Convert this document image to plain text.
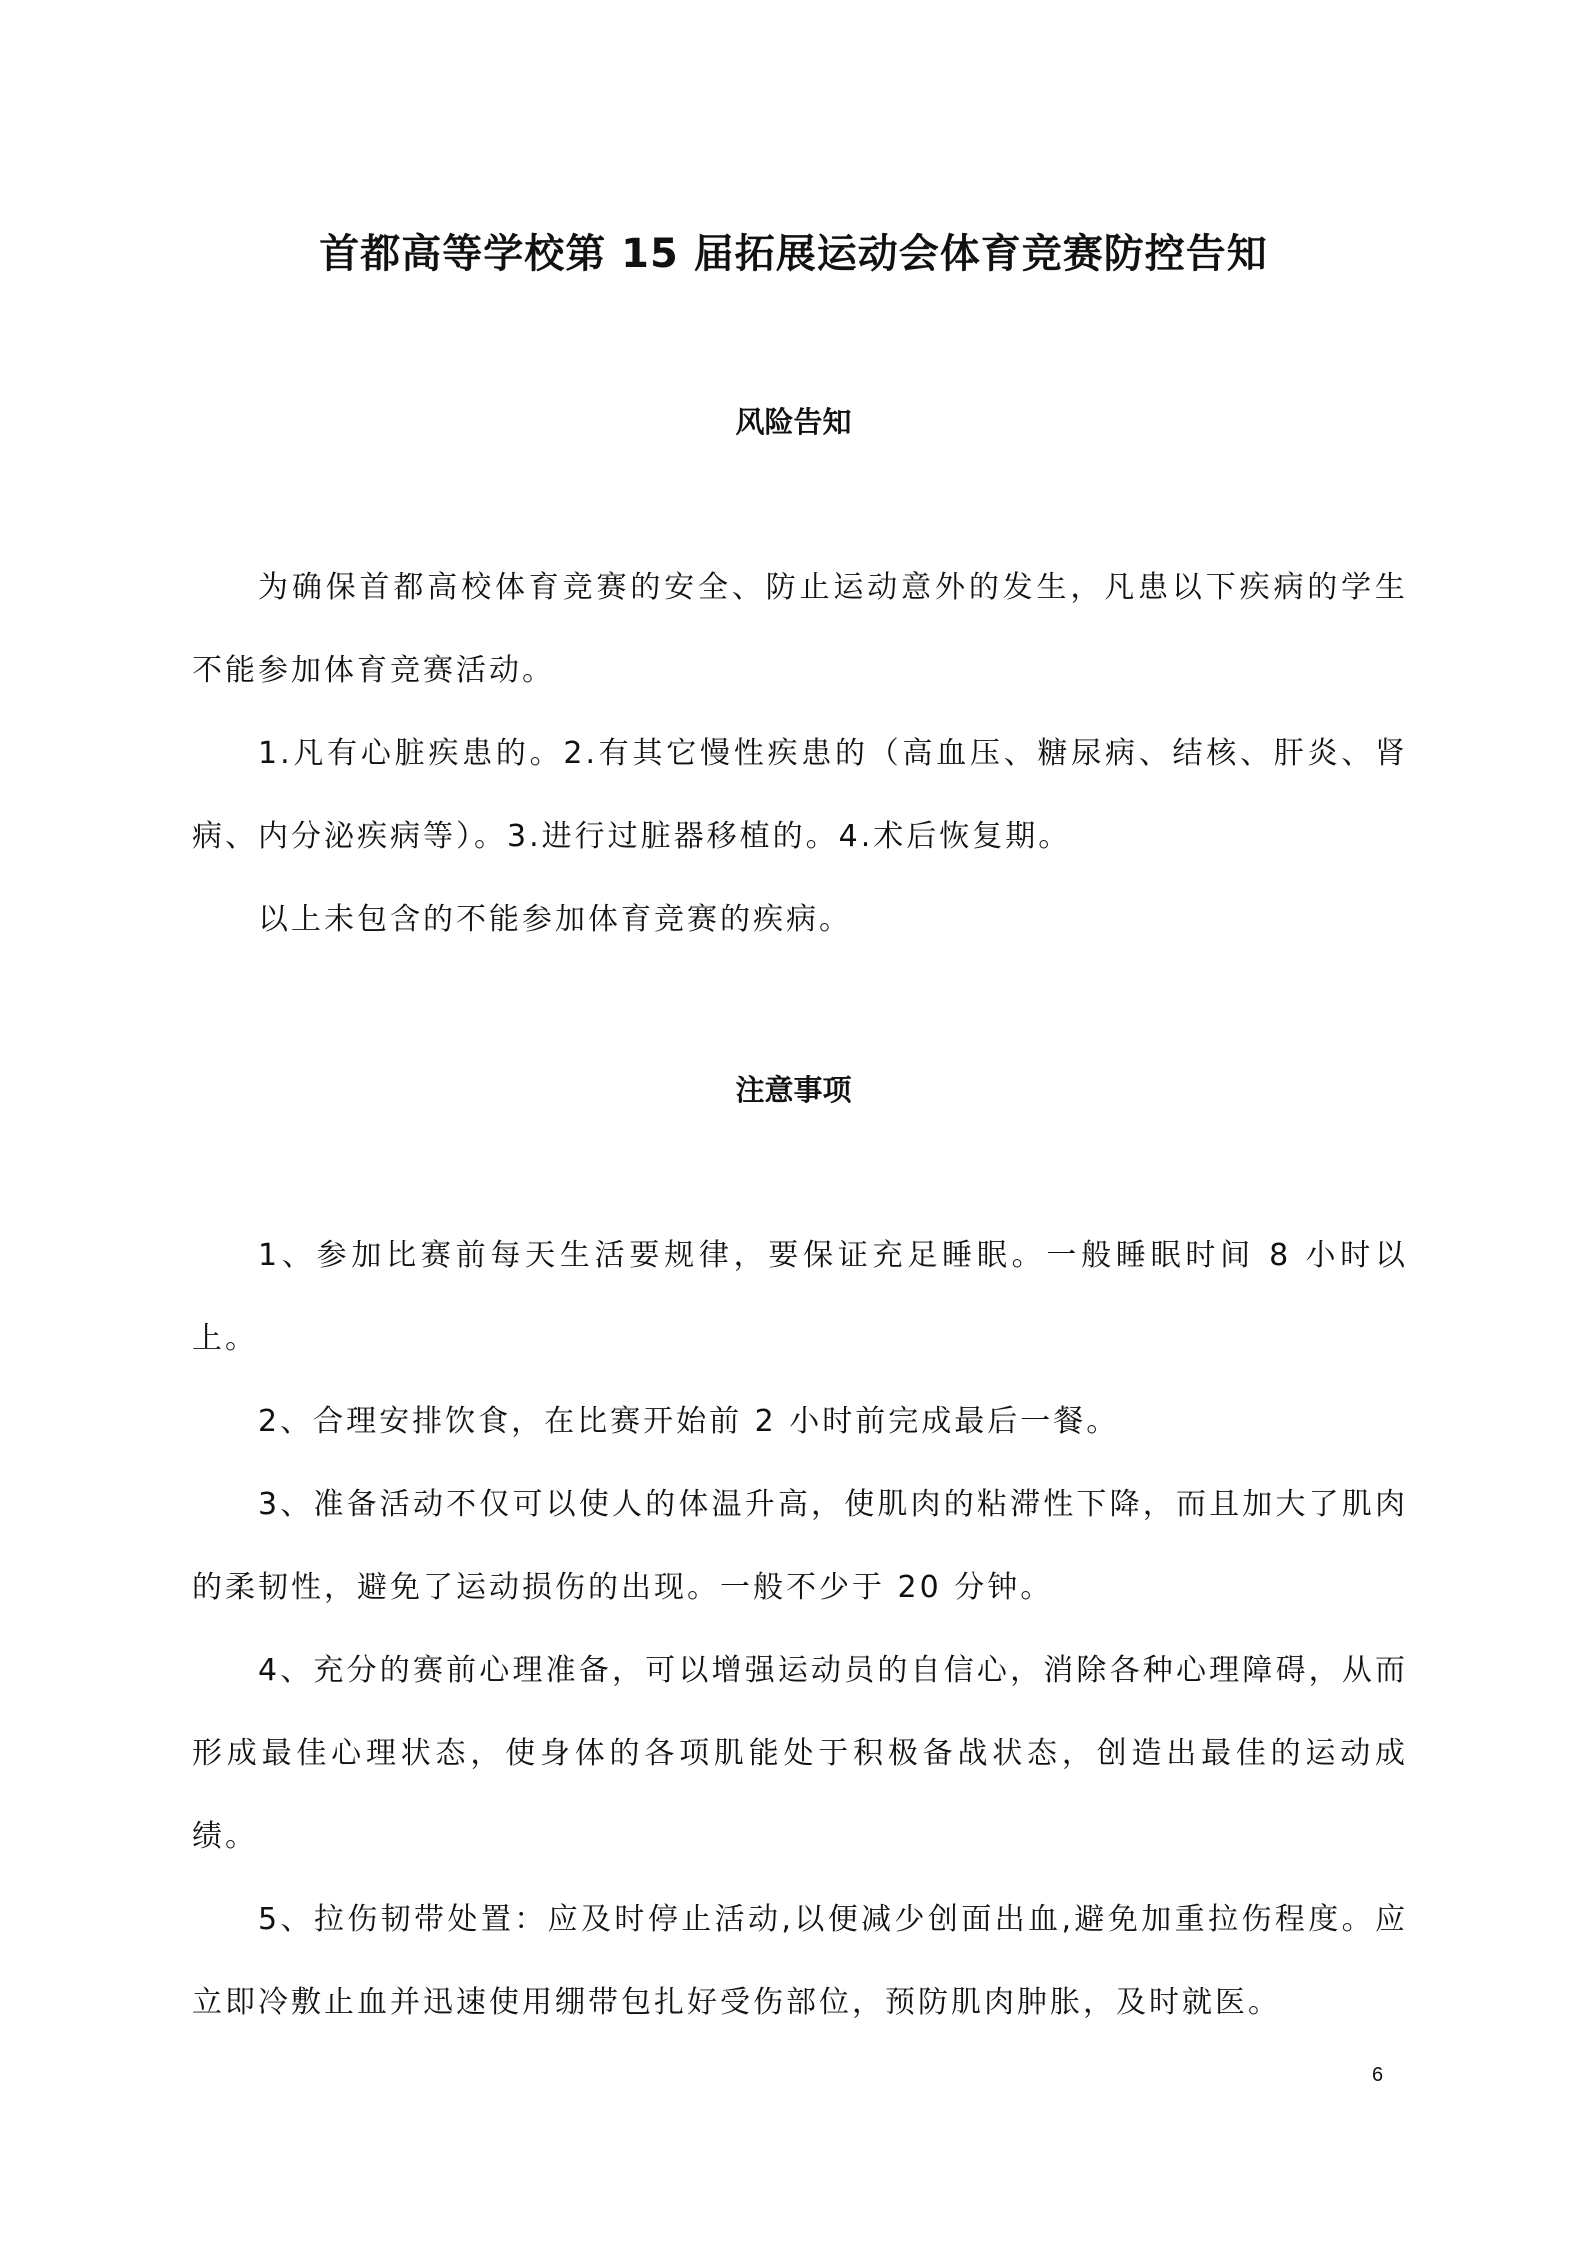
首都高等学校第 15 届拓展运动会体育竞赛防控告知
风险告知

为确保首都高校体育竞赛的安全、防止运动意外的发生，凡患以下疾病的学生不能参加体育竞赛活动。

1.凡有心脏疾患的。2.有其它慢性疾患的（高血压、糖尿病、结核、肝炎、肾病、内分泌疾病等）。3.进行过脏器移植的。4.术后恢复期。

以上未包含的不能参加体育竞赛的疾病。

注意事项

1、参加比赛前每天生活要规律，要保证充足睡眠。一般睡眠时间 8 小时以上。

2、合理安排饮食，在比赛开始前 2 小时前完成最后一餐。

3、准备活动不仅可以使人的体温升高，使肌肉的粘滞性下降，而且加大了肌肉的柔韧性，避免了运动损伤的出现。一般不少于 20 分钟。

4、充分的赛前心理准备，可以增强运动员的自信心，消除各种心理障碍，从而形成最佳心理状态，使身体的各项肌能处于积极备战状态，创造出最佳的运动成绩。

5、拉伤韧带处置：应及时停止活动,以便减少创面出血,避免加重拉伤程度。应立即冷敷止血并迅速使用绷带包扎好受伤部位，预防肌肉肿胀，及时就医。

6
